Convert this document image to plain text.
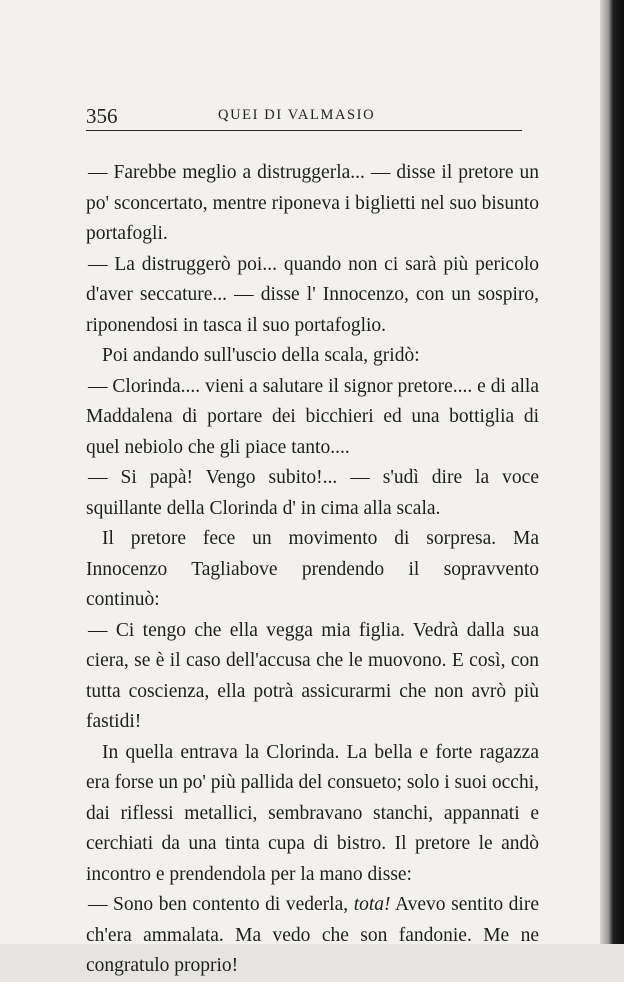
356	QUEI DI VALMASIO

— Farebbe meglio a distruggerla... — disse il pretore un po' sconcertato, mentre riponeva i biglietti nel suo bisunto portafogli.

— La distruggerò poi... quando non ci sarà più pericolo d'aver seccature... — disse l' Innocenzo, con un sospiro, riponendosi in tasca il suo portafoglio.

Poi andando sull'uscio della scala, gridò:

— Clorinda.... vieni a salutare il signor pretore.... e di alla Maddalena di portare dei bicchieri ed una bottiglia di quel nebiolo che gli piace tanto....

— Si papà! Vengo subito!... — s'udì dire la voce squillante della Clorinda d' in cima alla scala.

Il pretore fece un movimento di sorpresa. Ma Innocenzo Tagliabove prendendo il sopravvento continuò:

— Ci tengo che ella vegga mia figlia. Vedrà dalla sua ciera, se è il caso dell'accusa che le muovono. E così, con tutta coscienza, ella potrà assicurarmi che non avrò più fastidi!

In quella entrava la Clorinda. La bella e forte ragazza era forse un po' più pallida del consueto; solo i suoi occhi, dai riflessi metallici, sembravano stanchi, appannati e cerchiati da una tinta cupa di bistro. Il pretore le andò incontro e prendendola per la mano disse:

— Sono ben contento di vederla, tota! Avevo sentito dire ch'era ammalata. Ma vedo che son fandonie. Me ne congratulo proprio!
